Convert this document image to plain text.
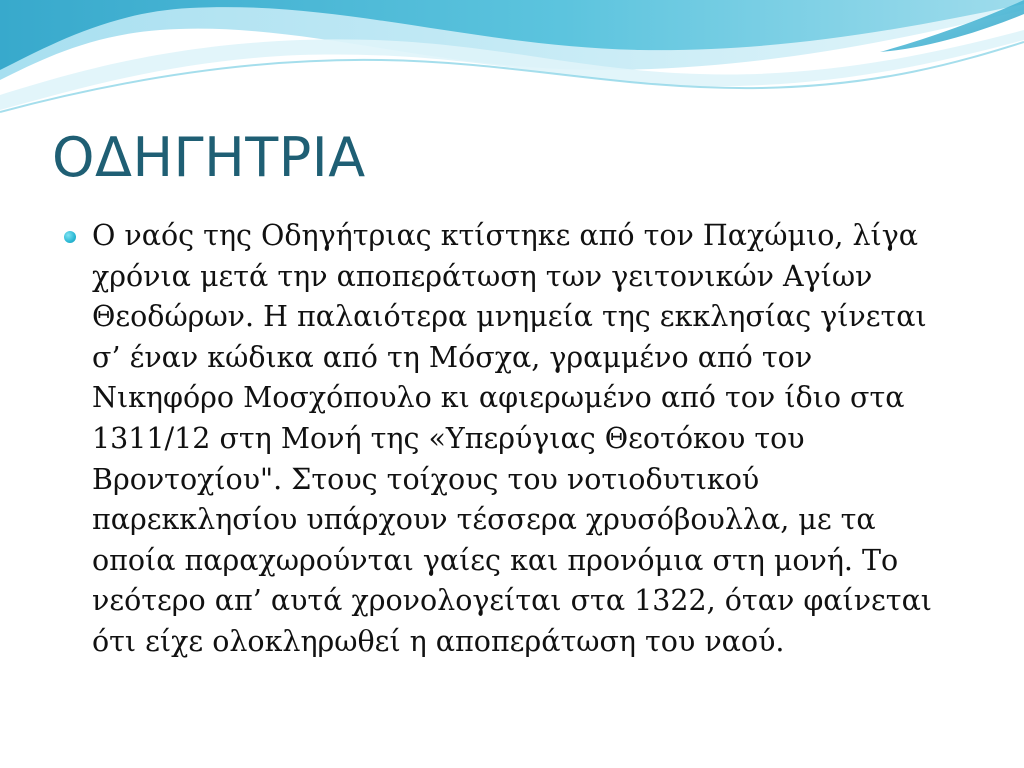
ΟΔΗΓΗΤΡΙΑ
Ο ναός της Οδηγήτριας κτίστηκε από τον Παχώμιο, λίγα χρόνια μετά την αποπεράτωση των γειτονικών Αγίων Θεοδώρων. Η παλαιότερα μνημεία της εκκλησίας γίνεται σ’ έναν κώδικα από τη Μόσχα, γραμμένο από τον Νικηφόρο Μοσχόπουλο κι αφιερωμένο από τον ίδιο στα 1311/12 στη Μονή της «Υπερύγιας Θεοτόκου του Βροντοχίου". Στους τοίχους του νοτιοδυτικού παρεκκλησίου υπάρχουν τέσσερα χρυσόβουλλα, με τα οποία παραχωρούνται γαίες και προνόμια στη μονή. Το νεότερο απ’ αυτά χρονολογείται στα 1322, όταν φαίνεται ότι είχε ολοκληρωθεί η αποπεράτωση του ναού.
